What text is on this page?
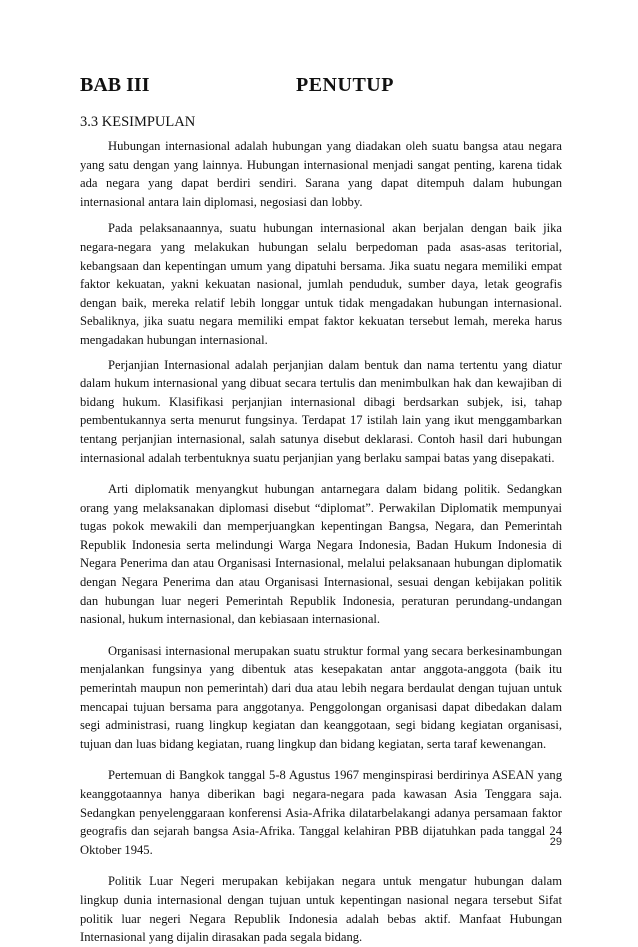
BAB III	PENUTUP
3.3 KESIMPULAN

Hubungan internasional adalah hubungan yang diadakan oleh suatu bangsa atau negara yang satu dengan yang lainnya. Hubungan internasional menjadi sangat penting, karena tidak ada negara yang dapat berdiri sendiri. Sarana yang dapat ditempuh dalam hubungan internasional antara lain diplomasi, negosiasi dan lobby.

Pada pelaksanaannya, suatu hubungan internasional akan berjalan dengan baik jika negara-negara yang melakukan hubungan selalu berpedoman pada asas-asas teritorial, kebangsaan dan kepentingan umum yang dipatuhi bersama. Jika suatu negara memiliki empat faktor kekuatan, yakni kekuatan nasional, jumlah penduduk, sumber daya, letak geografis dengan baik, mereka relatif lebih longgar untuk tidak mengadakan hubungan internasional. Sebaliknya, jika suatu negara memiliki empat faktor kekuatan tersebut lemah, mereka harus mengadakan hubungan internasional.

Perjanjian Internasional adalah perjanjian dalam bentuk dan nama tertentu yang diatur dalam hukum internasional yang dibuat secara tertulis dan menimbulkan hak dan kewajiban di bidang hukum. Klasifikasi perjanjian internasional dibagi berdsarkan subjek, isi, tahap pembentukannya serta menurut fungsinya. Terdapat 17 istilah lain yang ikut menggambarkan tentang perjanjian internasional, salah satunya disebut deklarasi. Contoh hasil dari hubungan internasional adalah terbentuknya suatu perjanjian yang berlaku sampai batas yang disepakati.

Arti diplomatik menyangkut hubungan antarnegara dalam bidang politik. Sedangkan orang yang melaksanakan diplomasi disebut “diplomat”. Perwakilan Diplomatik mempunyai tugas pokok mewakili dan memperjuangkan kepentingan Bangsa, Negara, dan Pemerintah Republik Indonesia serta melindungi Warga Negara Indonesia, Badan Hukum Indonesia di Negara Penerima dan atau Organisasi Internasional, melalui pelaksanaan hubungan diplomatik dengan Negara Penerima dan atau Organisasi Internasional, sesuai dengan kebijakan politik dan hubungan luar negeri Pemerintah Republik Indonesia, peraturan perundang-undangan nasional, hukum internasional, dan kebiasaan internasional.

Organisasi internasional merupakan suatu struktur formal yang secara berkesinambungan menjalankan fungsinya yang dibentuk atas kesepakatan antar anggota-anggota (baik itu pemerintah maupun non pemerintah) dari dua atau lebih negara berdaulat dengan tujuan untuk mencapai tujuan bersama para anggotanya. Penggolongan organisasi dapat dibedakan dalam segi administrasi, ruang lingkup kegiatan dan keanggotaan, segi bidang kegiatan organisasi, tujuan dan luas bidang kegiatan, ruang lingkup dan bidang kegiatan, serta taraf kewenangan.

Pertemuan di Bangkok tanggal 5-8 Agustus 1967 menginspirasi berdirinya ASEAN yang keanggotaannya hanya diberikan bagi negara-negara pada kawasan Asia Tenggara saja. Sedangkan penyelenggaraan konferensi Asia-Afrika dilatarbelakangi adanya persamaan faktor geografis dan sejarah bangsa Asia-Afrika. Tanggal kelahiran PBB dijatuhkan pada tanggal 24 Oktober 1945.

Politik Luar Negeri merupakan kebijakan negara untuk mengatur hubungan dalam lingkup dunia internasional dengan tujuan untuk kepentingan nasional negara tersebut Sifat politik luar negeri Negara Republik Indonesia adalah bebas aktif. Manfaat Hubungan Internasional yang dijalin dirasakan pada segala bidang.

29
